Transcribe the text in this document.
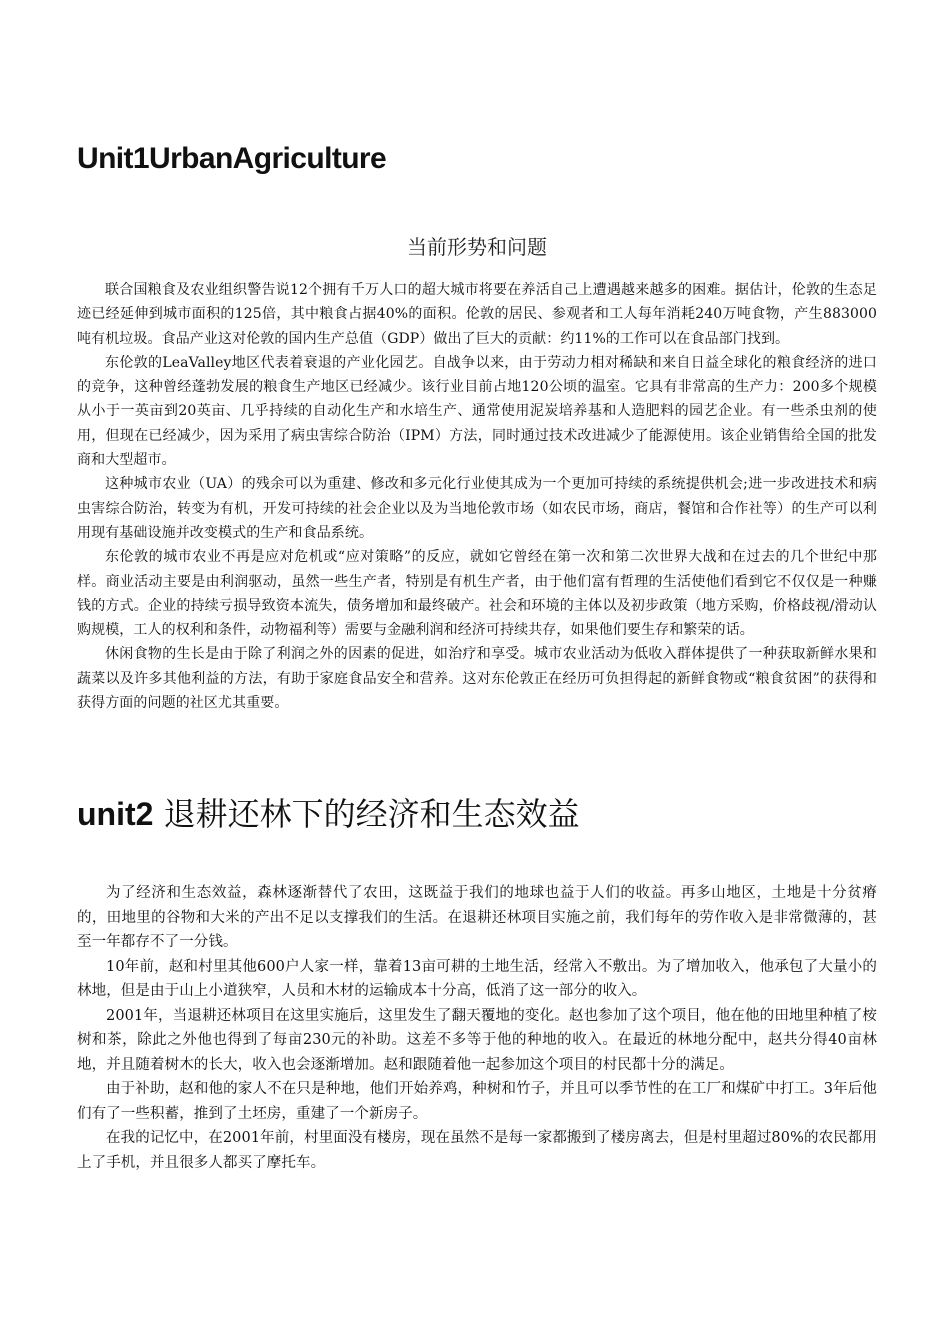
Unit1UrbanAgriculture
当前形势和问题

联合国粮食及农业组织警告说12个拥有千万人口的超大城市将要在养活自己上遭遇越来越多的困难。据估计，伦敦的生态足迹已经延伸到城市面积的125倍，其中粮食占据40%的面积。伦敦的居民、参观者和工人每年消耗240万吨食物，产生883000吨有机垃圾。食品产业这对伦敦的国内生产总值（GDP）做出了巨大的贡献：约11%的工作可以在食品部门找到。

东伦敦的LeaValley地区代表着衰退的产业化园艺。自战争以来，由于劳动力相对稀缺和来自日益全球化的粮食经济的进口的竞争，这种曾经蓬勃发展的粮食生产地区已经减少。该行业目前占地120公顷的温室。它具有非常高的生产力：200多个规模从小于一英亩到20英亩、几乎持续的自动化生产和水培生产、通常使用泥炭培养基和人造肥料的园艺企业。有一些杀虫剂的使用，但现在已经减少，因为采用了病虫害综合防治（IPM）方法，同时通过技术改进减少了能源使用。该企业销售给全国的批发商和大型超市。

这种城市农业（UA）的残余可以为重建、修改和多元化行业使其成为一个更加可持续的系统提供机会;进一步改进技术和病虫害综合防治，转变为有机，开发可持续的社会企业以及为当地伦敦市场（如农民市场，商店，餐馆和合作社等）的生产可以利用现有基础设施并改变模式的生产和食品系统。

东伦敦的城市农业不再是应对危机或“应对策略”的反应，就如它曾经在第一次和第二次世界大战和在过去的几个世纪中那样。商业活动主要是由利润驱动，虽然一些生产者，特别是有机生产者，由于他们富有哲理的生活使他们看到它不仅仅是一种赚钱的方式。企业的持续亏损导致资本流失，债务增加和最终破产。社会和环境的主体以及初步政策（地方采购，价格歧视/滑动认购规模，工人的权利和条件，动物福利等）需要与金融利润和经济可持续共存，如果他们要生存和繁荣的话。

休闲食物的生长是由于除了利润之外的因素的促进，如治疗和享受。城市农业活动为低收入群体提供了一种获取新鲜水果和蔬菜以及许多其他利益的方法，有助于家庭食品安全和营养。这对东伦敦正在经历可负担得起的新鲜食物或“粮食贫困”的获得和获得方面的问题的社区尤其重要。

unit2 退耕还林下的经济和生态效益

为了经济和生态效益，森林逐渐替代了农田，这既益于我们的地球也益于人们的收益。再多山地区，土地是十分贫瘠的，田地里的谷物和大米的产出不足以支撑我们的生活。在退耕还林项目实施之前，我们每年的劳作收入是非常微薄的，甚至一年都存不了一分钱。

10年前，赵和村里其他600户人家一样，靠着13亩可耕的土地生活，经常入不敷出。为了增加收入，他承包了大量小的林地，但是由于山上小道狭窄，人员和木材的运输成本十分高，低消了这一部分的收入。

2001年，当退耕还林项目在这里实施后，这里发生了翻天覆地的变化。赵也参加了这个项目，他在他的田地里种植了桉树和茶，除此之外他也得到了每亩230元的补助。这差不多等于他的种地的收入。在最近的林地分配中，赵共分得40亩林地，并且随着树木的长大，收入也会逐渐增加。赵和跟随着他一起参加这个项目的村民都十分的满足。

由于补助，赵和他的家人不在只是种地，他们开始养鸡，种树和竹子，并且可以季节性的在工厂和煤矿中打工。3年后他们有了一些积蓄，推到了土坯房，重建了一个新房子。

在我的记忆中，在2001年前，村里面没有楼房，现在虽然不是每一家都搬到了楼房离去，但是村里超过80%的农民都用上了手机，并且很多人都买了摩托车。
